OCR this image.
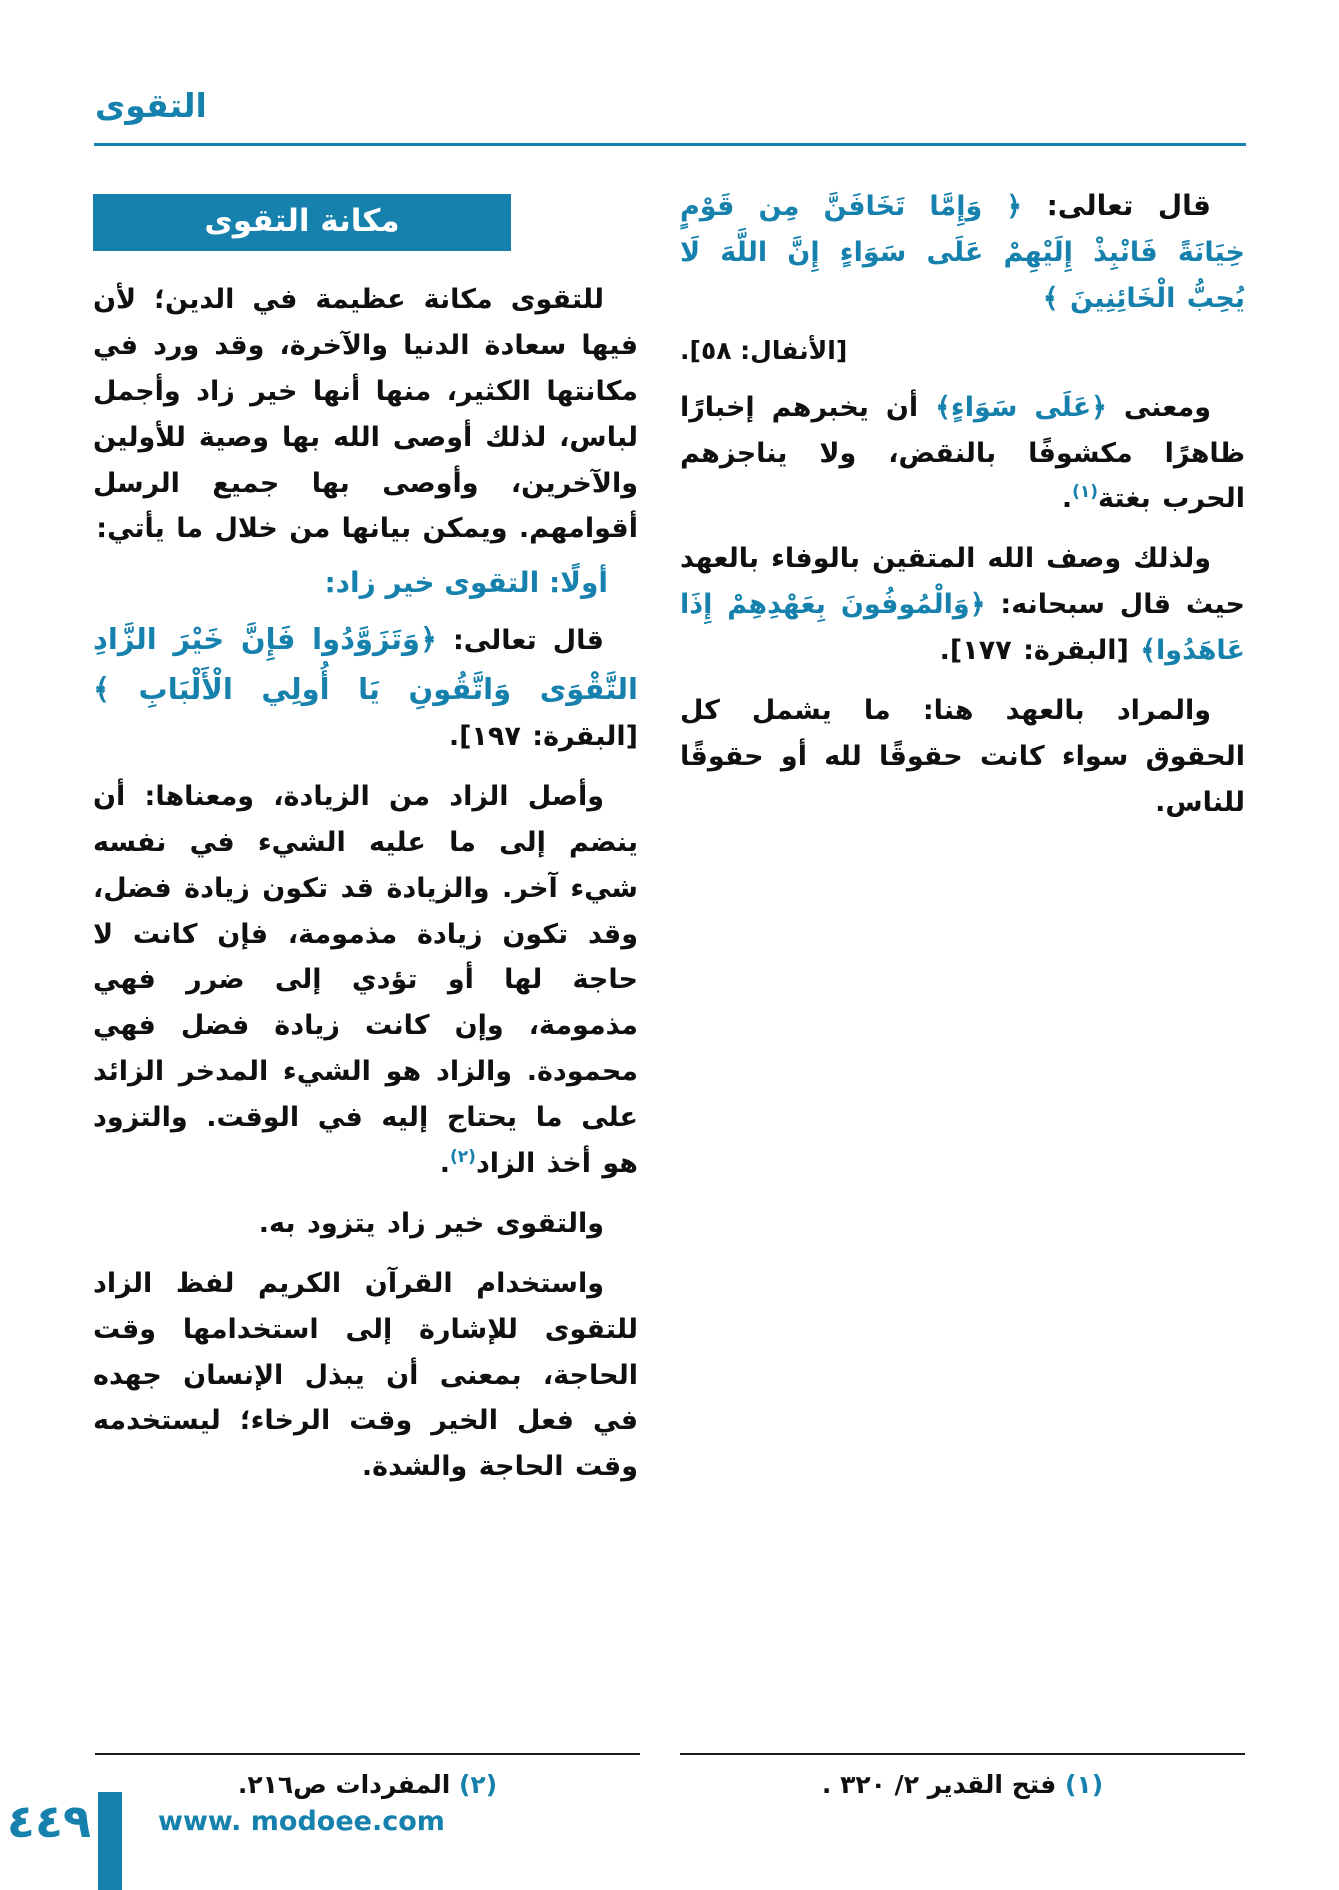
التقوى

قال تعالى: ﴿ وَإِمَّا تَخَافَنَّ مِن قَوْمٍ خِيَانَةً فَانْبِذْ إِلَيْهِمْ عَلَى سَوَاءٍ إِنَّ اللَّهَ لَا يُحِبُّ الْخَائِنِينَ ﴾

[الأنفال: ٥٨].

ومعنى ﴿عَلَى سَوَاءٍ﴾ أن يخبرهم إخبارًا ظاهرًا مكشوفًا بالنقض، ولا يناجزهم الحرب بغتة$^{(١)}$.

ولذلك وصف الله المتقين بالوفاء بالعهد حيث قال سبحانه: ﴿وَالْمُوفُونَ بِعَهْدِهِمْ إِذَا عَاهَدُوا﴾ [البقرة: ١٧٧].

والمراد بالعهد هنا: ما يشمل كل الحقوق سواء كانت حقوقًا لله أو حقوقًا للناس.

مكانة التقوى

للتقوى مكانة عظيمة في الدين؛ لأن فيها سعادة الدنيا والآخرة، وقد ورد في مكانتها الكثير، منها أنها خير زاد وأجمل لباس، لذلك أوصى الله بها وصية للأولين والآخرين، وأوصى بها جميع الرسل أقوامهم. ويمكن بيانها من خلال ما يأتي:

أولًا: التقوى خير زاد:

قال تعالى: ﴿وَتَزَوَّدُوا فَإِنَّ خَيْرَ الزَّادِ التَّقْوَى وَاتَّقُونِ يَا أُولِي الْأَلْبَابِ ﴾ [البقرة: ١٩٧].

وأصل الزاد من الزيادة، ومعناها: أن ينضم إلى ما عليه الشيء في نفسه شيء آخر. والزيادة قد تكون زيادة فضل، وقد تكون زيادة مذمومة، فإن كانت لا حاجة لها أو تؤدي إلى ضرر فهي مذمومة، وإن كانت زيادة فضل فهي محمودة. والزاد هو الشيء المدخر الزائد على ما يحتاج إليه في الوقت. والتزود هو أخذ الزاد$^{(٢)}$.

والتقوى خير زاد يتزود به.

واستخدام القرآن الكريم لفظ الزاد للتقوى للإشارة إلى استخدامها وقت الحاجة، بمعنى أن يبذل الإنسان جهده في فعل الخير وقت الرخاء؛ ليستخدمه وقت الحاجة والشدة.

(١) فتح القدير ٢/ ٣٢٠ .
(٢) المفردات ص٢١٦.
٤٤٩ www. modoee.com
